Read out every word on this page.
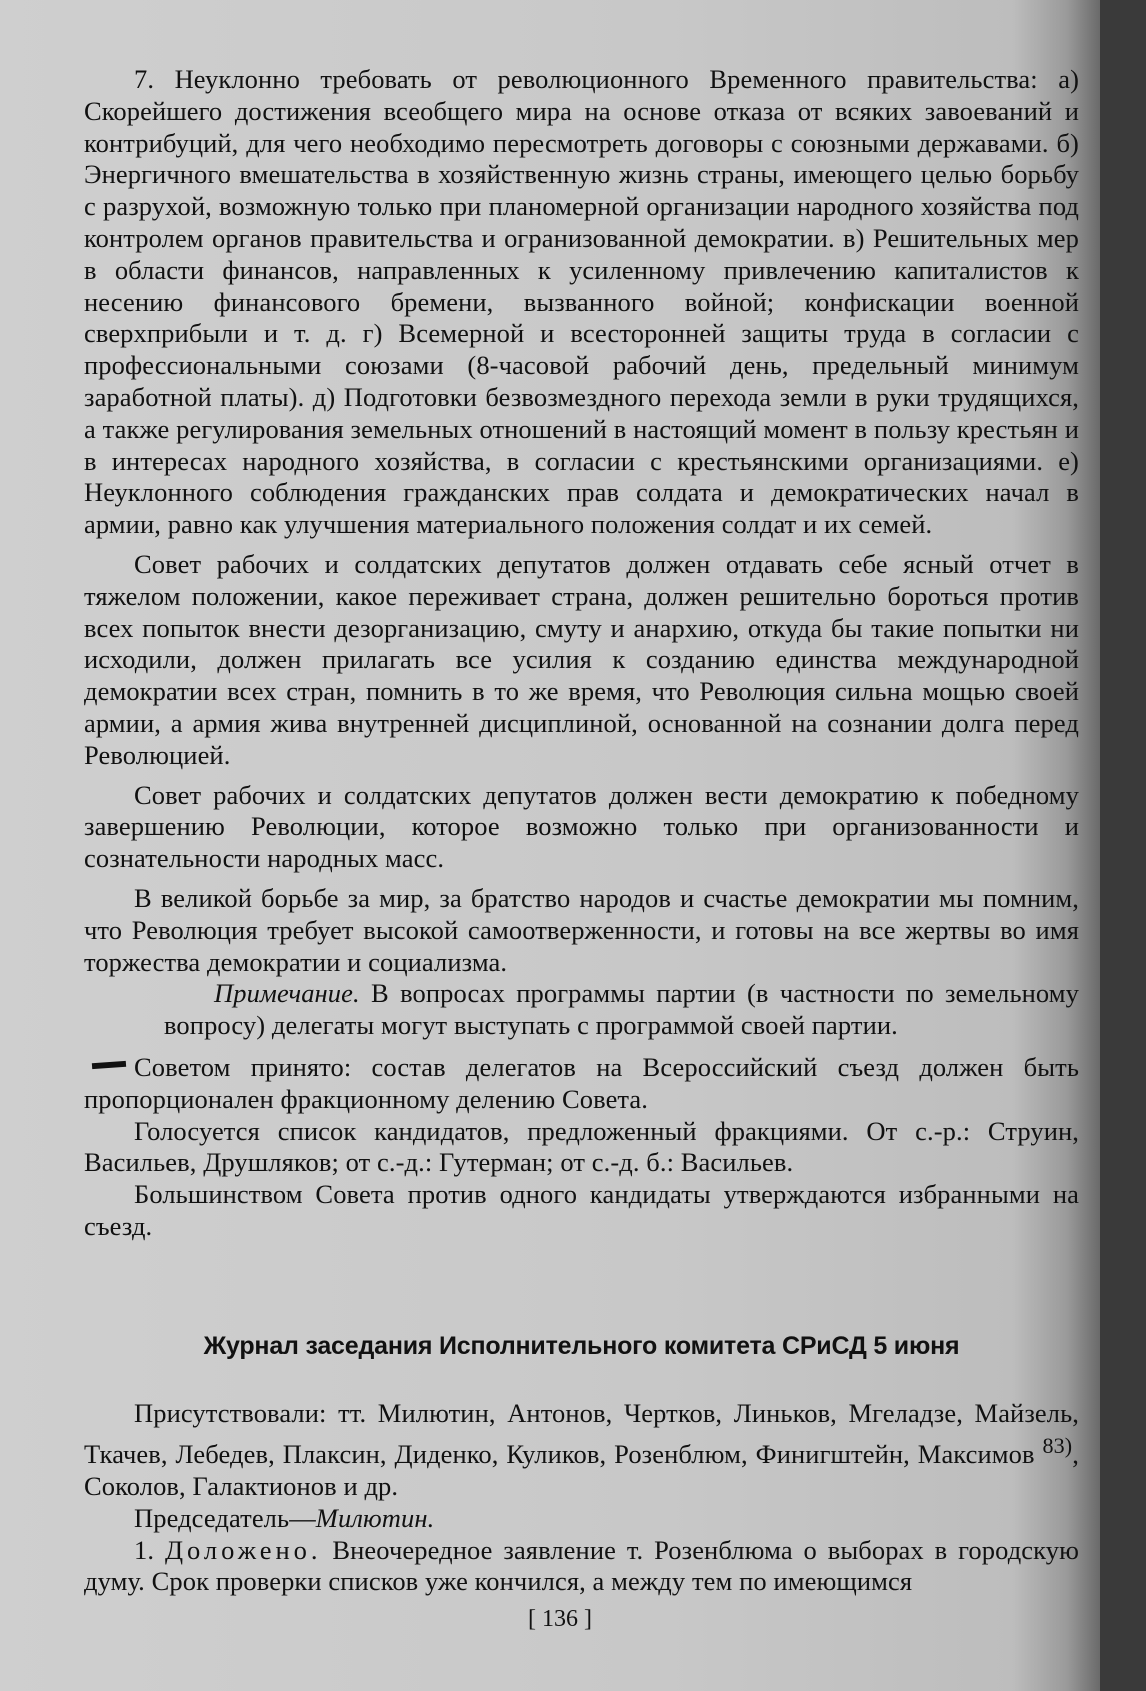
7. Неуклонно требовать от революционного Временного правительства: а) Скорейшего достижения всеобщего мира на основе отказа от всяких завоеваний и контрибуций, для чего необходимо пересмотреть договоры с союзными державами. б) Энергичного вмешательства в хозяйственную жизнь страны, имеющего целью борьбу с разрухой, возможную только при планомерной организации народного хозяйства под контролем органов правительства и огранизованной демократии. в) Решительных мер в области финансов, направленных к усиленному привлечению капиталистов к несению финансового бремени, вызванного войной; конфискации военной сверхприбыли и т. д. г) Всемерной и всесторонней защиты труда в согласии с профессиональными союзами (8-часовой рабочий день, предельный минимум заработной платы). д) Подготовки безвозмездного перехода земли в руки трудящихся, а также регулирования земельных отношений в настоящий момент в пользу крестьян и в интересах народного хозяйства, в согласии с крестьянскими организациями. е) Неуклонного соблюдения гражданских прав солдата и демократических начал в армии, равно как улучшения материального положения солдат и их семей.

Совет рабочих и солдатских депутатов должен отдавать себе ясный отчет в тяжелом положении, какое переживает страна, должен решительно бороться против всех попыток внести дезорганизацию, смуту и анархию, откуда бы такие попытки ни исходили, должен прилагать все усилия к созданию единства международной демократии всех стран, помнить в то же время, что Революция сильна мощью своей армии, а армия жива внутренней дисциплиной, основанной на сознании долга перед Революцией.

Совет рабочих и солдатских депутатов должен вести демократию к победному завершению Революции, которое возможно только при организованности и сознательности народных масс.

В великой борьбе за мир, за братство народов и счастье демократии мы помним, что Революция требует высокой самоотверженности, и готовы на все жертвы во имя торжества демократии и социализма.

Примечание. В вопросах программы партии (в частности по земельному вопросу) делегаты могут выступать с программой своей партии.

Советом принято: состав делегатов на Всероссийский съезд должен быть пропорционален фракционному делению Совета.

Голосуется список кандидатов, предложенный фракциями. От с.-р.: Струин, Васильев, Друшляков; от с.-д.: Гутерман; от с.-д. б.: Васильев.

Большинством Совета против одного кандидаты утверждаются избранными на съезд.

Журнал заседания Исполнительного комитета СРиСД 5 июня

Присутствовали: тт. Милютин, Антонов, Чертков, Линьков, Мгеладзе, Майзель, Ткачев, Лебедев, Плаксин, Диденко, Куликов, Розенблюм, Финигштейн, Максимов $^{83)}$, Соколов, Галактионов и др.

Председатель—Милютин.

1. Доложено. Внеочередное заявление т. Розенблюма о выборах в городскую думу. Срок проверки списков уже кончился, а между тем по имеющимся

[ 136 ]
